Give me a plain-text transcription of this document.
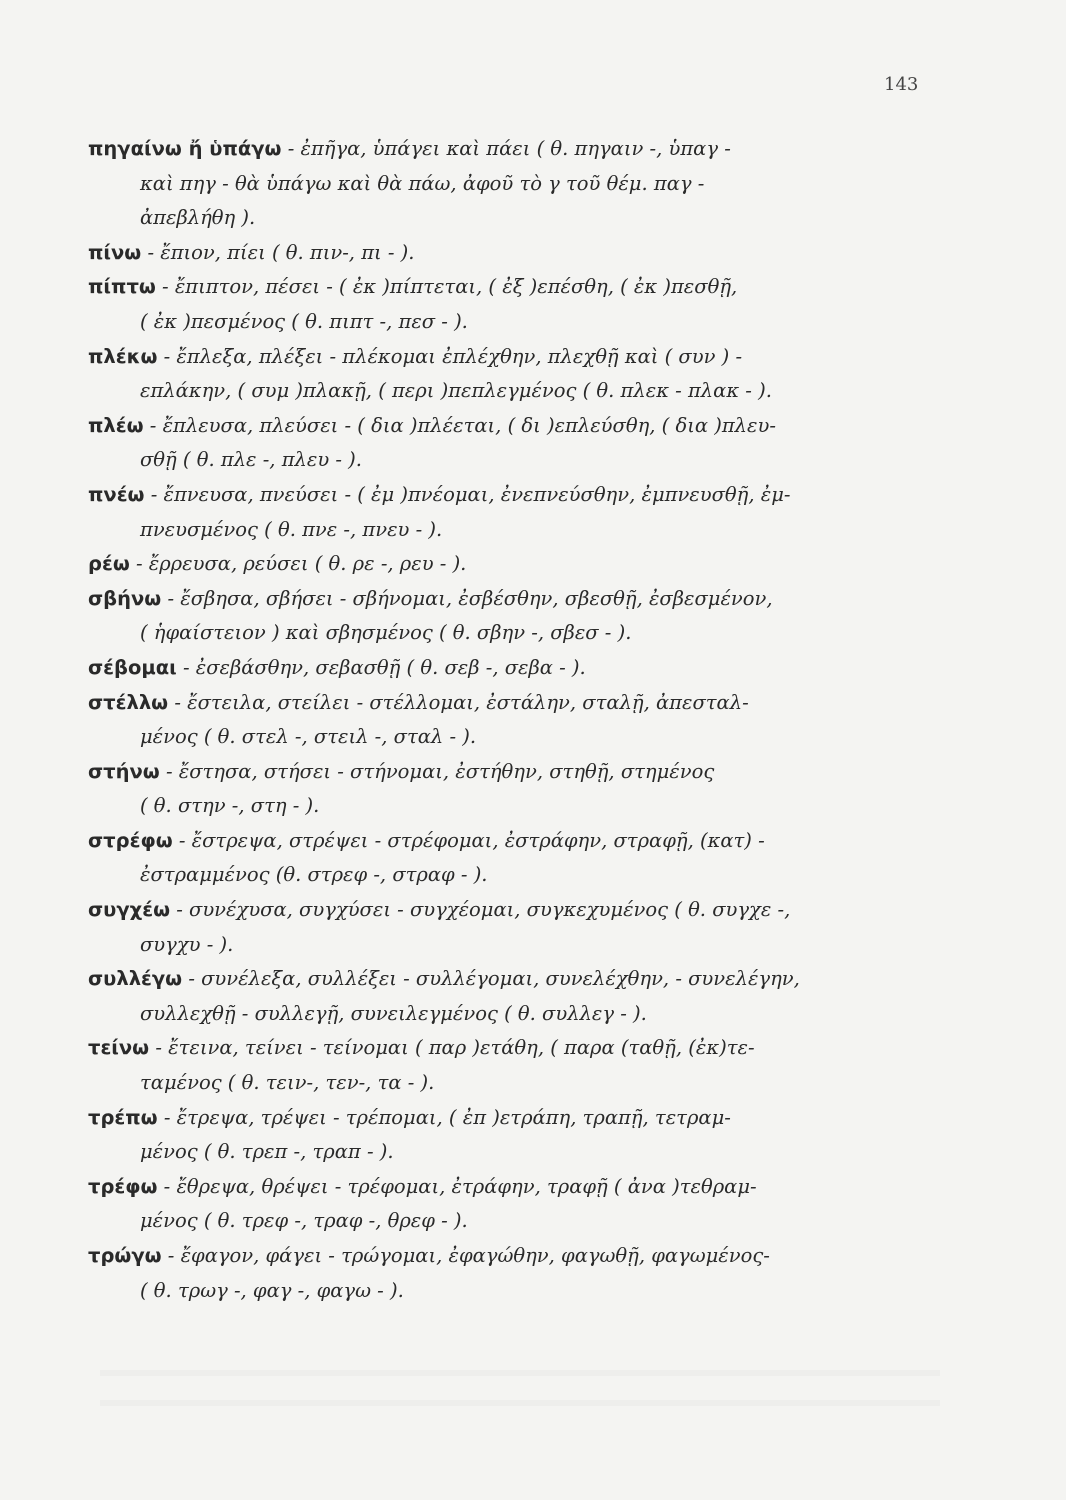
143
πηγαίνω ἤ ὑπάγω - ἐπῆγα, ὑπάγει καὶ πάει ( θ. πηγαιν -, ὑπαγ -
καὶ πηγ - θὰ ὑπάγω καὶ θὰ πάω, ἀφοῦ τὸ γ τοῦ θέμ. παγ -
ἀπεβλήθη ).
πίνω - ἔπιον, πίει ( θ. πιν-, πι - ).
πίπτω - ἔπιπτον, πέσει - ( ἐκ )πίπτεται, ( ἐξ )επέσθη, ( ἐκ )πεσθῇ,
( ἐκ )πεσμένος ( θ. πιπτ -, πεσ - ).
πλέκω - ἔπλεξα, πλέξει - πλέκομαι ἐπλέχθην, πλεχθῇ καὶ ( συν ) -
επλάκην, ( συμ )πλακῇ, ( περι )πεπλεγμένος ( θ. πλεκ - πλακ - ).
πλέω - ἔπλευσα, πλεύσει - ( δια )πλέεται, ( δι )επλεύσθη, ( δια )πλευ-
σθῇ ( θ. πλε -, πλευ - ).
πνέω - ἔπνευσα, πνεύσει - ( ἐμ )πνέομαι, ἐνεπνεύσθην, ἐμπνευσθῇ, ἐμ-
πνευσμένος ( θ. πνε -, πνευ - ).
ρέω - ἔρρευσα, ρεύσει ( θ. ρε -, ρευ - ).
σβήνω - ἔσβησα, σβήσει - σβήνομαι, ἐσβέσθην, σβεσθῇ, ἐσβεσμένον,
( ἡφαίστειον ) καὶ σβησμένος ( θ. σβην -, σβεσ - ).
σέβομαι - ἐσεβάσθην, σεβασθῇ ( θ. σεβ -, σεβα - ).
στέλλω - ἔστειλα, στείλει - στέλλομαι, ἐστάλην, σταλῇ, ἀπεσταλ-
μένος ( θ. στελ -, στειλ -, σταλ - ).
στήνω - ἔστησα, στήσει - στήνομαι, ἐστήθην, στηθῇ, στημένος
( θ. στην -, στη - ).
στρέφω - ἔστρεψα, στρέψει - στρέφομαι, ἐστράφην, στραφῇ, (κατ) -
ἐστραμμένος (θ. στρεφ -, στραφ - ).
συγχέω - συνέχυσα, συγχύσει - συγχέομαι, συγκεχυμένος ( θ. συγχε -,
συγχυ - ).
συλλέγω - συνέλεξα, συλλέξει - συλλέγομαι, συνελέχθην, - συνελέγην,
συλλεχθῇ - συλλεγῇ, συνειλεγμένος ( θ. συλλεγ - ).
τείνω - ἔτεινα, τείνει - τείνομαι ( παρ )ετάθη, ( παρα (ταθῇ, (ἐκ)τε-
ταμένος ( θ. τειν-, τεν-, τα - ).
τρέπω - ἔτρεψα, τρέψει - τρέπομαι, ( ἐπ )ετράπη, τραπῇ, τετραμ-
μένος ( θ. τρεπ -, τραπ - ).
τρέφω - ἔθρεψα, θρέψει - τρέφομαι, ἐτράφην, τραφῇ ( ἀνα )τεθραμ-
μένος ( θ. τρεφ -, τραφ -, θρεφ - ).
τρώγω - ἔφαγον, φάγει - τρώγομαι, ἐφαγώθην, φαγωθῇ, φαγωμένος-
( θ. τρωγ -, φαγ -, φαγω - ).
